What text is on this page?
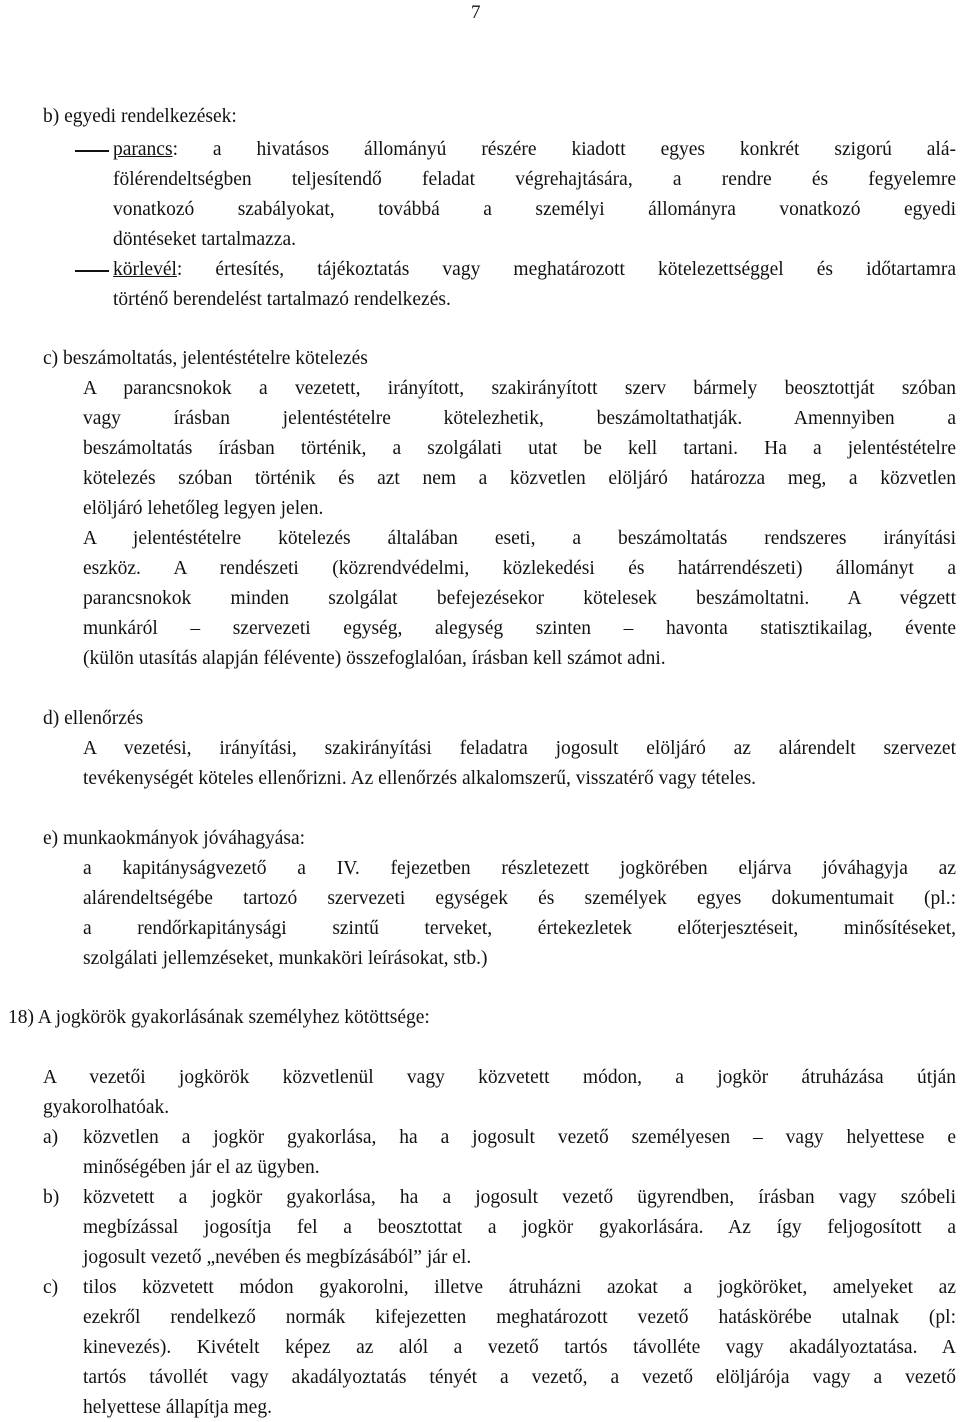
7
b) egyedi rendelkezések:
parancs: a hivatásos állományú részére kiadott egyes konkrét szigorú alá-
fölérendeltségben teljesítendő feladat végrehajtására, a rendre és fegyelemre
vonatkozó szabályokat, továbbá a személyi állományra vonatkozó egyedi
döntéseket tartalmazza.
körlevél: értesítés, tájékoztatás vagy meghatározott kötelezettséggel és időtartamra
történő berendelést tartalmazó rendelkezés.
c) beszámoltatás, jelentéstételre kötelezés
A parancsnokok a vezetett, irányított, szakirányított szerv bármely beosztottját szóban
vagy írásban jelentéstételre kötelezhetik, beszámoltathatják. Amennyiben a
beszámoltatás írásban történik, a szolgálati utat be kell tartani. Ha a jelentéstételre
kötelezés szóban történik és azt nem a közvetlen elöljáró határozza meg, a közvetlen
elöljáró lehetőleg legyen jelen.
A jelentéstételre kötelezés általában eseti, a beszámoltatás rendszeres irányítási
eszköz. A rendészeti (közrendvédelmi, közlekedési és határrendészeti) állományt a
parancsnokok minden szolgálat befejezésekor kötelesek beszámoltatni. A végzett
munkáról – szervezeti egység, alegység szinten – havonta statisztikailag, évente
(külön utasítás alapján félévente) összefoglalóan, írásban kell számot adni.
d) ellenőrzés
A vezetési, irányítási, szakirányítási feladatra jogosult elöljáró az alárendelt szervezet
tevékenységét köteles ellenőrizni. Az ellenőrzés alkalomszerű, visszatérő vagy tételes.
e) munkaokmányok jóváhagyása:
a kapitányságvezető a IV. fejezetben részletezett jogkörében eljárva jóváhagyja az
alárendeltségébe tartozó szervezeti egységek és személyek egyes dokumentumait (pl.:
a rendőrkapitánysági szintű terveket, értekezletek előterjesztéseit, minősítéseket,
szolgálati jellemzéseket, munkaköri leírásokat, stb.)
18) A jogkörök gyakorlásának személyhez kötöttsége:
A vezetői jogkörök közvetlenül vagy közvetett módon, a jogkör átruházása útján
gyakorolhatóak.
a) közvetlen a jogkör gyakorlása, ha a jogosult vezető személyesen – vagy helyettese e
minőségében jár el az ügyben.
b) közvetett a jogkör gyakorlása, ha a jogosult vezető ügyrendben, írásban vagy szóbeli
megbízással jogosítja fel a beosztottat a jogkör gyakorlására. Az így feljogosított a
jogosult vezető „nevében és megbízásából” jár el.
c) tilos közvetett módon gyakorolni, illetve átruházni azokat a jogköröket, amelyeket az
ezekről rendelkező normák kifejezetten meghatározott vezető hatáskörébe utalnak (pl:
kinevezés). Kivételt képez az alól a vezető tartós távolléte vagy akadályoztatása. A
tartós távollét vagy akadályoztatás tényét a vezető, a vezető elöljárója vagy a vezető
helyettese állapítja meg.
